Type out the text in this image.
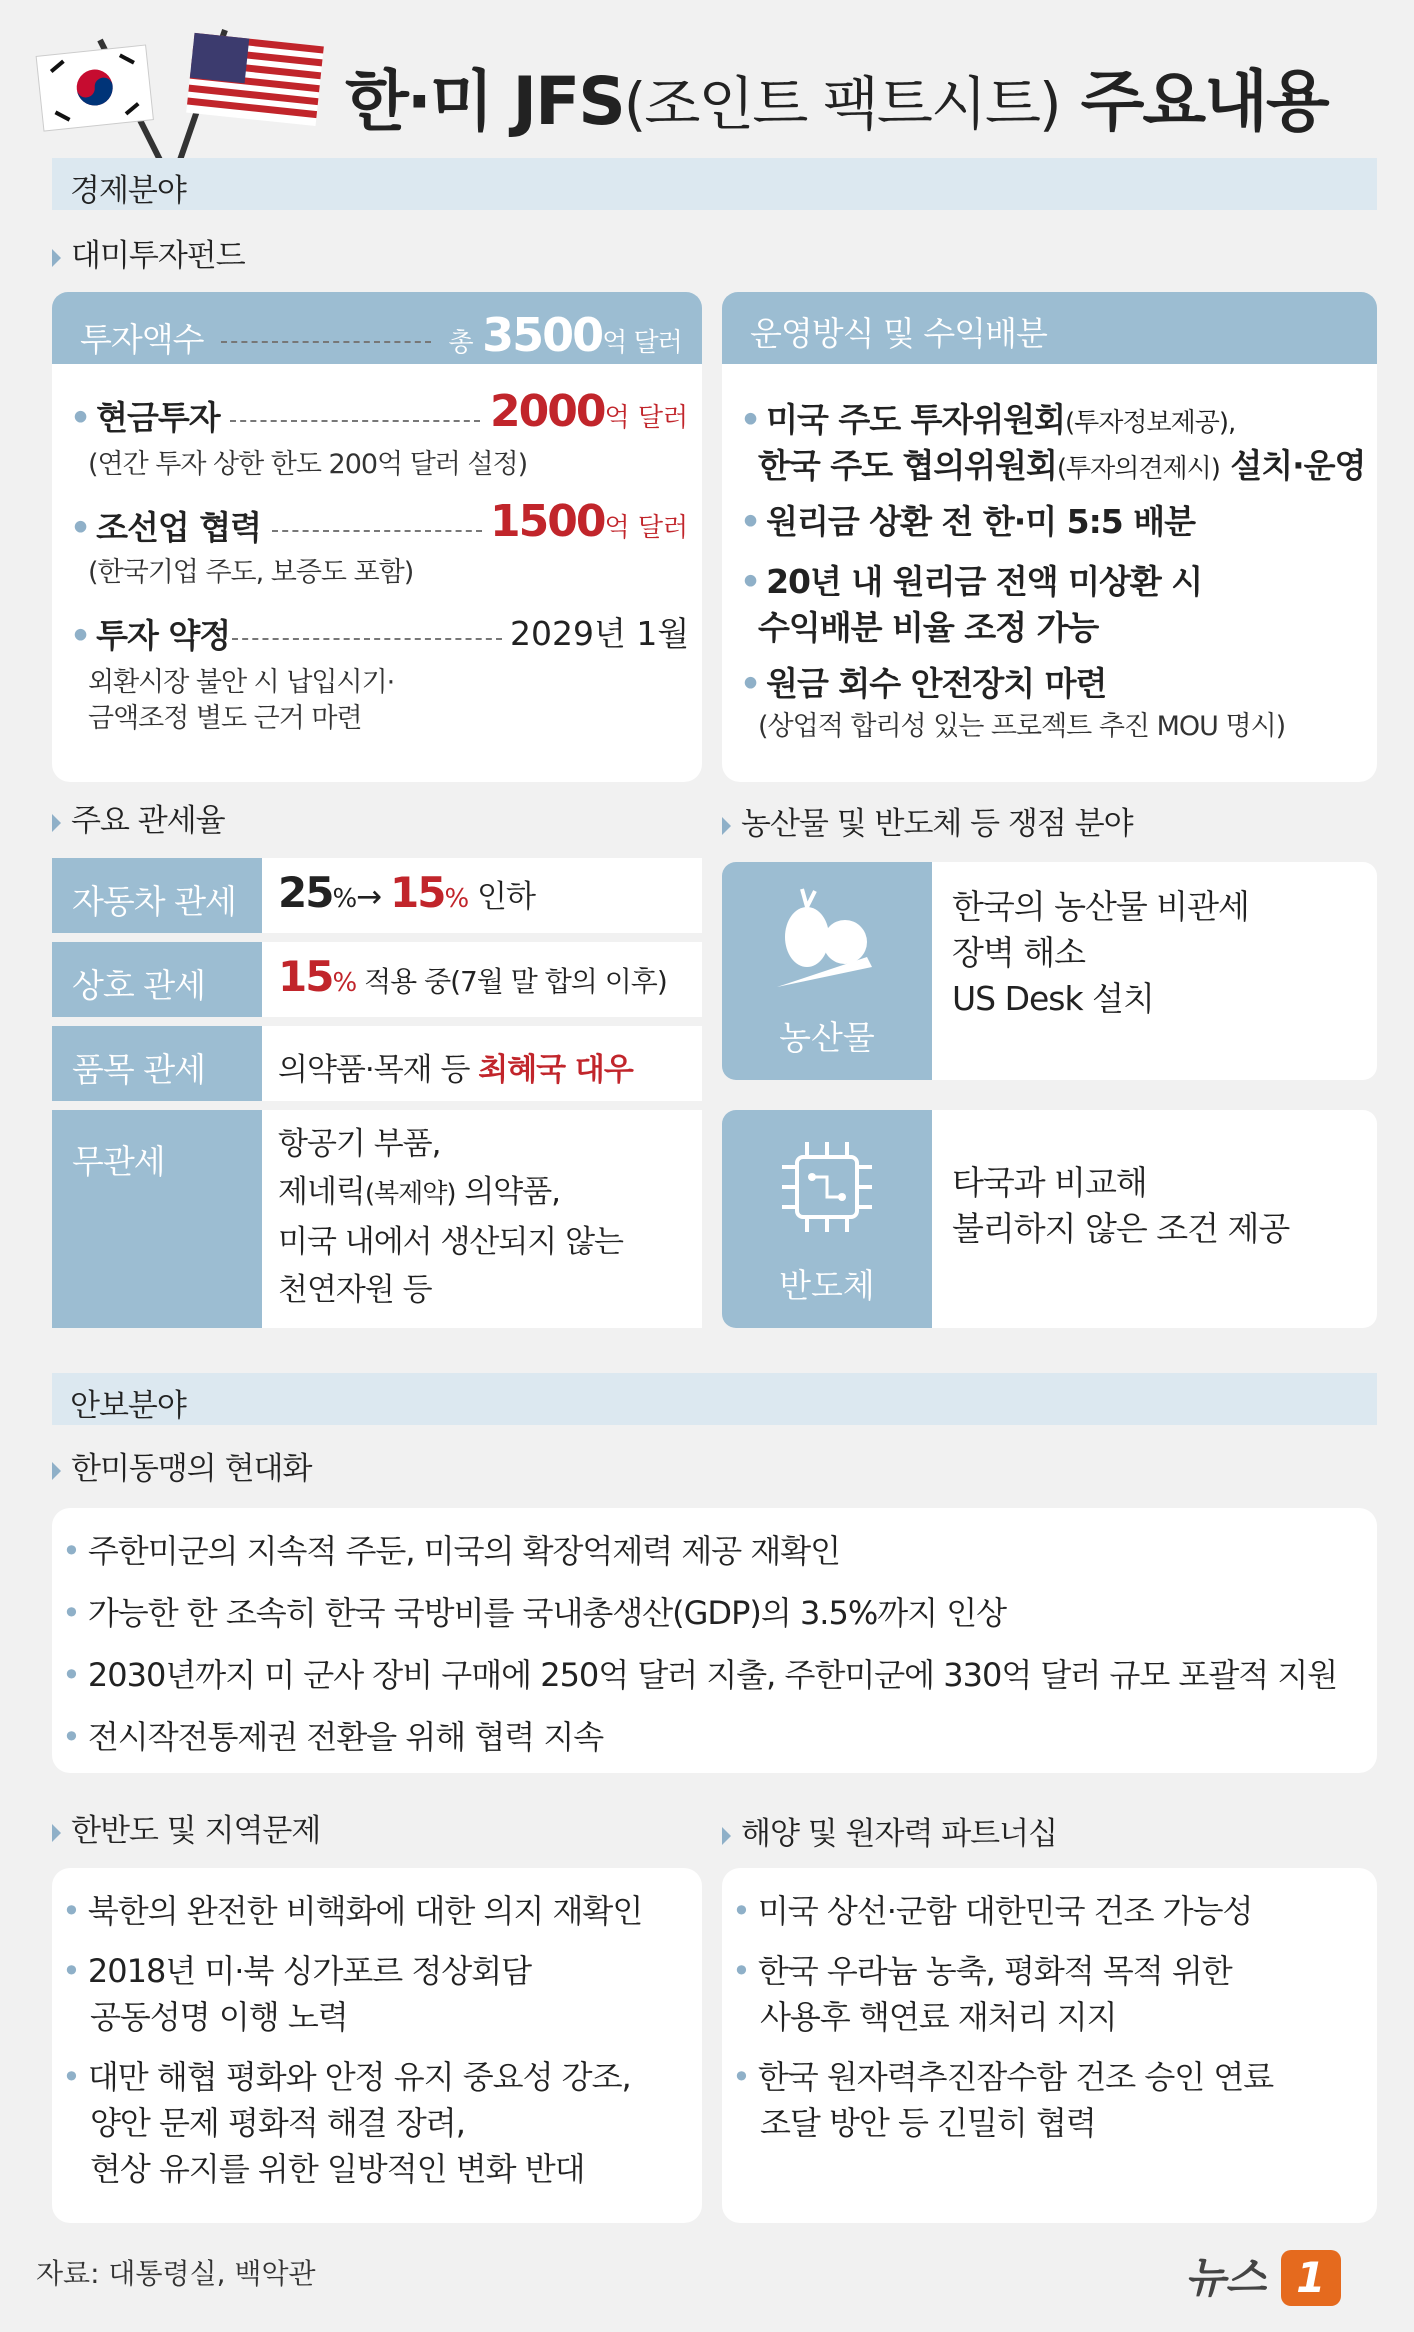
한·미 JFS(조인트 팩트시트) 주요내용
경제분야
대미투자펀드
투자액수	총 3500억 달러
• 현금투자	2000억 달러
(연간 투자 상한 한도 200억 달러 설정)
• 조선업 협력	1500억 달러
(한국기업 주도, 보증도 포함)
• 투자 약정	2029년 1월
외환시장 불안 시 납입시기·
금액조정 별도 근거 마련
운영방식 및 수익배분
• 미국 주도 투자위원회(투자정보제공),
한국 주도 협의위원회(투자의견제시) 설치·운영
• 원리금 상환 전 한·미 5:5 배분
• 20년 내 원리금 전액 미상환 시
수익배분 비율 조정 가능
• 원금 회수 안전장치 마련
(상업적 합리성 있는 프로젝트 추진 MOU 명시)
주요 관세율
자동차 관세	25%→ 15% 인하
상호 관세	15% 적용 중(7월 말 합의 이후)
품목 관세	의약품·목재 등 최혜국 대우
무관세	항공기 부품,
제네릭(복제약) 의약품,
미국 내에서 생산되지 않는
천연자원 등
농산물 및 반도체 등 쟁점 분야
농산물
한국의 농산물 비관세
장벽 해소
US Desk 설치
반도체
타국과 비교해
불리하지 않은 조건 제공
안보분야
한미동맹의 현대화
• 주한미군의 지속적 주둔, 미국의 확장억제력 제공 재확인
• 가능한 한 조속히 한국 국방비를 국내총생산(GDP)의 3.5%까지 인상
• 2030년까지 미 군사 장비 구매에 250억 달러 지출, 주한미군에 330억 달러 규모 포괄적 지원
• 전시작전통제권 전환을 위해 협력 지속
한반도 및 지역문제
• 북한의 완전한 비핵화에 대한 의지 재확인
• 2018년 미·북 싱가포르 정상회담
공동성명 이행 노력
• 대만 해협 평화와 안정 유지 중요성 강조,
양안 문제 평화적 해결 장려,
현상 유지를 위한 일방적인 변화 반대
해양 및 원자력 파트너십
• 미국 상선·군함 대한민국 건조 가능성
• 한국 우라늄 농축, 평화적 목적 위한
사용후 핵연료 재처리 지지
• 한국 원자력추진잠수함 건조 승인 연료
조달 방안 등 긴밀히 협력
자료: 대통령실, 백악관	뉴스 1
